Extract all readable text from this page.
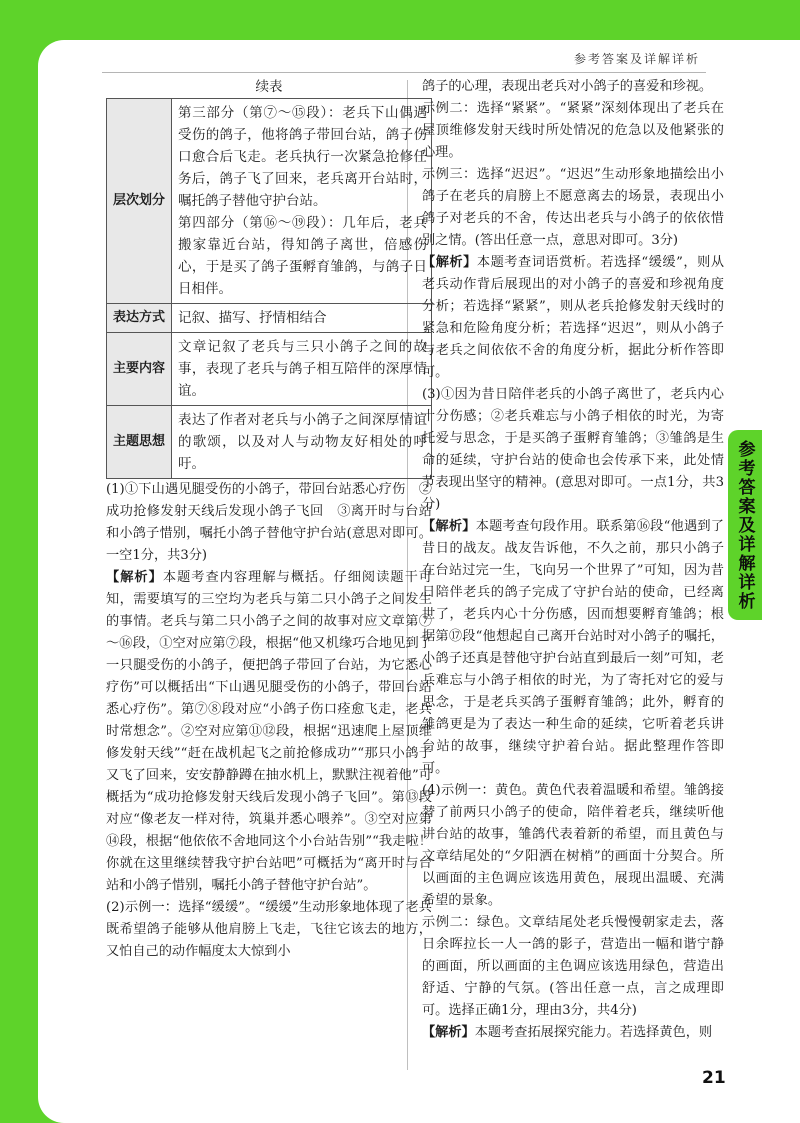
参考答案及详解详析
续表
层次划分	第三部分（第⑦～⑮段）：老兵下山偶遇受伤的鸽子，他将鸽子带回台站，鸽子伤口愈合后飞走。老兵执行一次紧急抢修任务后，鸽子飞了回来，老兵离开台站时，嘱托鸽子替他守护台站。
第四部分（第⑯～⑲段）：几年后，老兵搬家靠近台站，得知鸽子离世，倍感伤心，于是买了鸽子蛋孵育雏鸽，与鸽子日日相伴。

表达方式	记叙、描写、抒情相结合
主要内容	文章记叙了老兵与三只小鸽子之间的故事，表现了老兵与鸽子相互陪伴的深厚情谊。
主题思想	表达了作者对老兵与小鸽子之间深厚情谊的歌颂，以及对人与动物友好相处的呼吁。

(1)①下山遇见腿受伤的小鸽子，带回台站悉心疗伤　②成功抢修发射天线后发现小鸽子飞回　③离开时与台站和小鸽子惜别，嘱托小鸽子替他守护台站(意思对即可。一空1分，共3分)

【解析】本题考查内容理解与概括。仔细阅读题干可知，需要填写的三空均为老兵与第二只小鸽子之间发生的事情。老兵与第二只小鸽子之间的故事对应文章第⑦～⑯段，①空对应第⑦段，根据“他又机缘巧合地见到了一只腿受伤的小鸽子，便把鸽子带回了台站，为它悉心疗伤”可以概括出“下山遇见腿受伤的小鸽子，带回台站悉心疗伤”。第⑦⑧段对应“小鸽子伤口痊愈飞走，老兵时常想念”。②空对应第⑪⑫段，根据“迅速爬上屋顶维修发射天线”“赶在战机起飞之前抢修成功”“那只小鸽子又飞了回来，安安静静蹲在抽水机上，默默注视着他”可概括为“成功抢修发射天线后发现小鸽子飞回”。第⑬段对应“像老友一样对待，筑巢并悉心喂养”。③空对应第⑭段，根据“他依依不舍地同这个小台站告别”“我走啦！你就在这里继续替我守护台站吧”可概括为“离开时与台站和小鸽子惜别，嘱托小鸽子替他守护台站”。

(2)示例一：选择“缓缓”。“缓缓”生动形象地体现了老兵既希望鸽子能够从他肩膀上飞走，飞往它该去的地方，又怕自己的动作幅度太大惊到小

鸽子的心理，表现出老兵对小鸽子的喜爱和珍视。

示例二：选择“紧紧”。“紧紧”深刻体现出了老兵在屋顶维修发射天线时所处情况的危急以及他紧张的心理。

示例三：选择“迟迟”。“迟迟”生动形象地描绘出小鸽子在老兵的肩膀上不愿意离去的场景，表现出小鸽子对老兵的不舍，传达出老兵与小鸽子的依依惜别之情。(答出任意一点，意思对即可。3分)

【解析】本题考查词语赏析。若选择“缓缓”，则从老兵动作背后展现出的对小鸽子的喜爱和珍视角度分析；若选择“紧紧”，则从老兵抢修发射天线时的紧急和危险角度分析；若选择“迟迟”，则从小鸽子与老兵之间依依不舍的角度分析，据此分析作答即可。

(3)①因为昔日陪伴老兵的小鸽子离世了，老兵内心十分伤感；②老兵难忘与小鸽子相依的时光，为寄托爱与思念，于是买鸽子蛋孵育雏鸽；③雏鸽是生命的延续，守护台站的使命也会传承下来，此处情节表现出坚守的精神。(意思对即可。一点1分，共3分)

【解析】本题考查句段作用。联系第⑯段“他遇到了昔日的战友。战友告诉他，不久之前，那只小鸽子在台站过完一生，飞向另一个世界了”可知，因为昔日陪伴老兵的鸽子完成了守护台站的使命，已经离世了，老兵内心十分伤感，因而想要孵育雏鸽；根据第⑰段“他想起自己离开台站时对小鸽子的嘱托，小鸽子还真是替他守护台站直到最后一刻”可知，老兵难忘与小鸽子相依的时光，为了寄托对它的爱与思念，于是老兵买鸽子蛋孵育雏鸽；此外，孵育的雏鸽更是为了表达一种生命的延续，它听着老兵讲台站的故事，继续守护着台站。据此整理作答即可。

(4)示例一：黄色。黄色代表着温暖和希望。雏鸽接替了前两只小鸽子的使命，陪伴着老兵，继续听他讲台站的故事，雏鸽代表着新的希望，而且黄色与文章结尾处的“夕阳洒在树梢”的画面十分契合。所以画面的主色调应该选用黄色，展现出温暖、充满希望的景象。

示例二：绿色。文章结尾处老兵慢慢朝家走去，落日余晖拉长一人一鸽的影子，营造出一幅和谐宁静的画面，所以画面的主色调应该选用绿色，营造出舒适、宁静的气氛。(答出任意一点，言之成理即可。选择正确1分，理由3分，共4分)

【解析】本题考查拓展探究能力。若选择黄色，则

参考答案及详解详析
21
